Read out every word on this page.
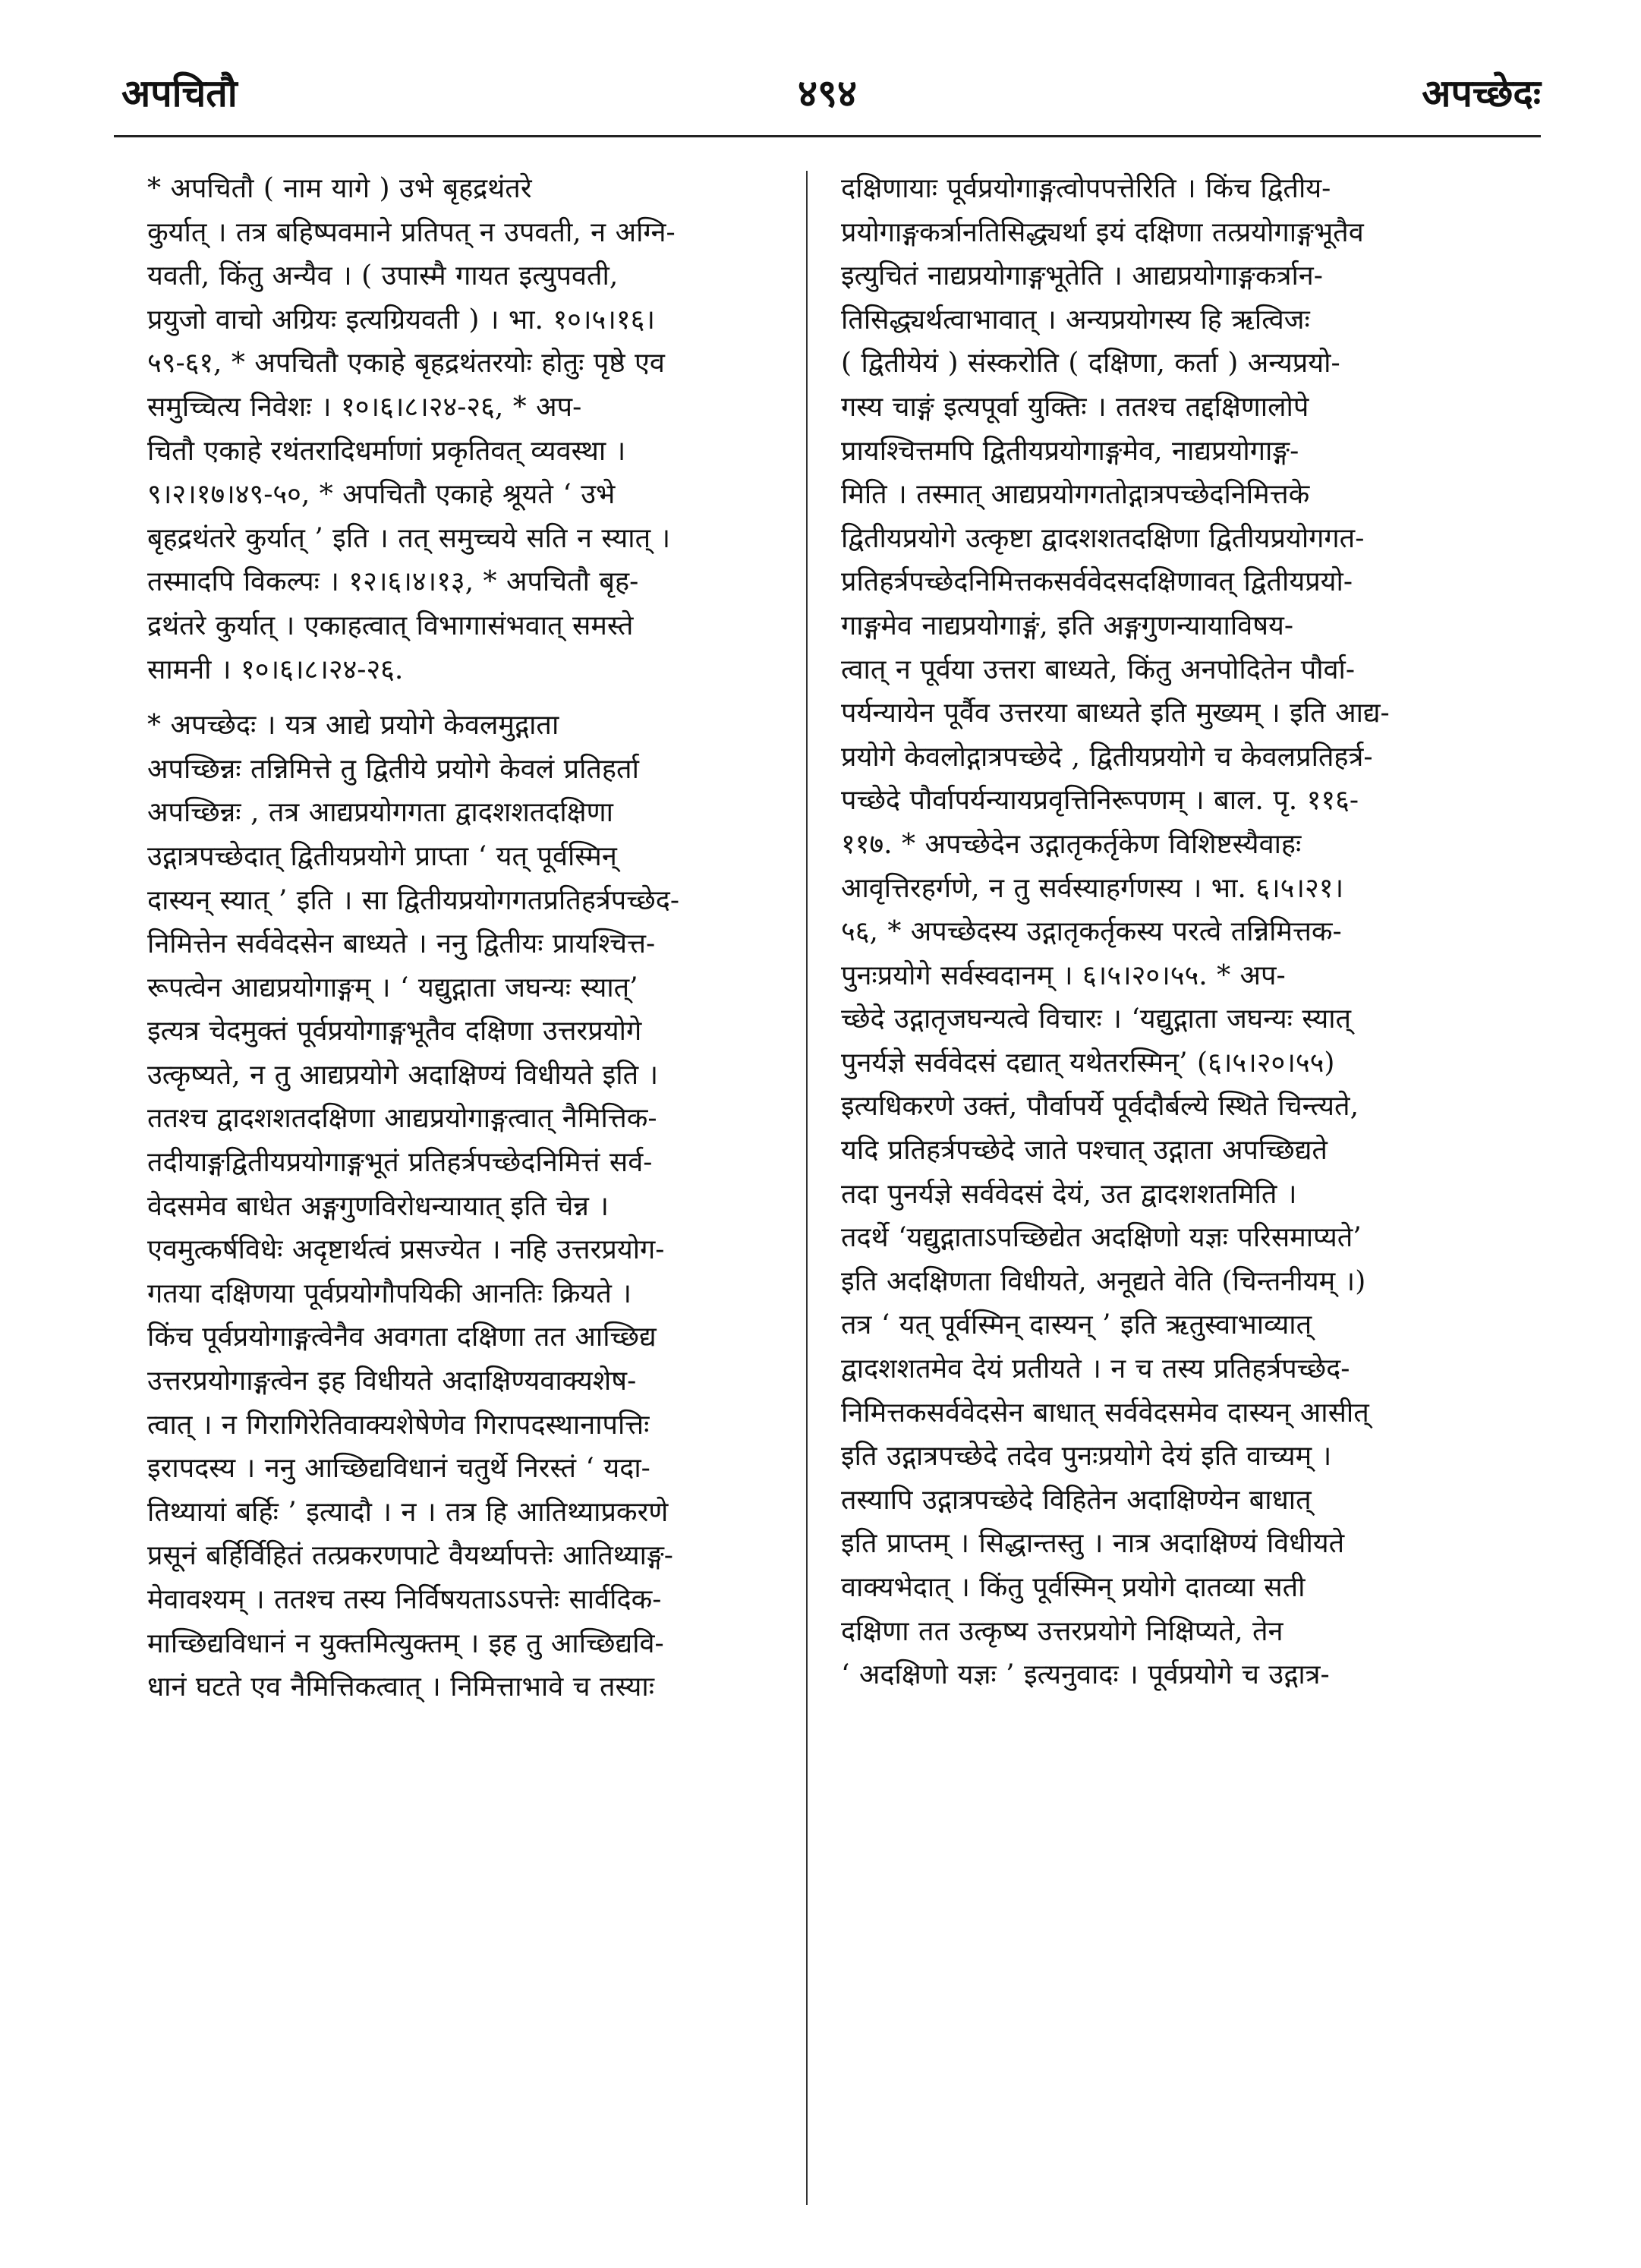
अपचितौ	४९४	अपच्छेदः
* अपचितौ ( नाम यागे ) उभे बृहद्रथंतरे
कुर्यात् । तत्र बहिष्पवमाने प्रतिपत् न उपवती, न अग्नि-
यवती, किंतु अन्यैव । ( उपास्मै गायत इत्युपवती,
प्रयुजो वाचो अग्रियः इत्यग्रियवती ) । भा. १०।५।१६।
५९-६१, * अपचितौ एकाहे बृहद्रथंतरयोः होतुः पृष्ठे एव
समुच्चित्य निवेशः । १०।६।८।२४-२६, * अप-
चितौ एकाहे रथंतरादिधर्माणां प्रकृतिवत् व्यवस्था ।
९।२।१७।४९-५०, * अपचितौ एकाहे श्रूयते ‘ उभे
बृहद्रथंतरे कुर्यात् ’ इति । तत् समुच्चये सति न स्यात् ।
तस्मादपि विकल्पः । १२।६।४।१३, * अपचितौ बृह-
द्रथंतरे कुर्यात् । एकाहत्वात् विभागासंभवात् समस्ते
सामनी । १०।६।८।२४-२६.
* अपच्छेदः । यत्र आद्ये प्रयोगे केवलमुद्गाता
अपच्छिन्नः तन्निमित्ते तु द्वितीये प्रयोगे केवलं प्रतिहर्ता
अपच्छिन्नः , तत्र आद्यप्रयोगगता द्वादशशतदक्षिणा
उद्गात्रपच्छेदात् द्वितीयप्रयोगे प्राप्ता ‘ यत् पूर्वस्मिन्
दास्यन् स्यात् ’ इति । सा द्वितीयप्रयोगगतप्रतिहर्त्रपच्छेद-
निमित्तेन सर्ववेदसेन बाध्यते । ननु द्वितीयः प्रायश्चित्त-
रूपत्वेन आद्यप्रयोगाङ्गम् । ‘ यद्युद्गाता जघन्यः स्यात्’
इत्यत्र चेदमुक्तं पूर्वप्रयोगाङ्गभूतैव दक्षिणा उत्तरप्रयोगे
उत्कृष्यते, न तु आद्यप्रयोगे अदाक्षिण्यं विधीयते इति ।
ततश्च द्वादशशतदक्षिणा आद्यप्रयोगाङ्गत्वात् नैमित्तिक-
तदीयाङ्गद्वितीयप्रयोगाङ्गभूतं प्रतिहर्त्रपच्छेदनिमित्तं सर्व-
वेदसमेव बाधेत अङ्गगुणविरोधन्यायात् इति चेन्न ।
एवमुत्कर्षविधेः अदृष्टार्थत्वं प्रसज्येत । नहि उत्तरप्रयोग-
गतया दक्षिणया पूर्वप्रयोगौपयिकी आनतिः क्रियते ।
किंच पूर्वप्रयोगाङ्गत्वेनैव अवगता दक्षिणा तत आच्छिद्य
उत्तरप्रयोगाङ्गत्वेन इह विधीयते अदाक्षिण्यवाक्यशेष-
त्वात् । न गिरागिरेतिवाक्यशेषेणेव गिरापदस्थानापत्तिः
इरापदस्य । ननु आच्छिद्यविधानं चतुर्थे निरस्तं ‘ यदा-
तिथ्यायां बर्हिः ’ इत्यादौ । न । तत्र हि आतिथ्याप्रकरणे
प्रसूनं बर्हिर्विहितं तत्प्रकरणपाटे वैयर्थ्यापत्तेः आतिथ्याङ्ग-
मेवावश्यम् । ततश्च तस्य निर्विषयताऽऽपत्तेः सार्वदिक-
माच्छिद्यविधानं न युक्तमित्युक्तम् । इह तु आच्छिद्यवि-
धानं घटते एव नैमित्तिकत्वात् । निमित्ताभावे च तस्याः
दक्षिणायाः पूर्वप्रयोगाङ्गत्वोपपत्तेरिति । किंच द्वितीय-
प्रयोगाङ्गकर्त्रानतिसिद्ध्यर्था इयं दक्षिणा तत्प्रयोगाङ्गभूतैव
इत्युचितं नाद्यप्रयोगाङ्गभूतेति । आद्यप्रयोगाङ्गकर्त्रान-
तिसिद्ध्यर्थत्वाभावात् । अन्यप्रयोगस्य हि ऋत्विजः
( द्वितीयेयं ) संस्करोति ( दक्षिणा, कर्ता ) अन्यप्रयो-
गस्य चाङ्गं इत्यपूर्वा युक्तिः । ततश्च तद्दक्षिणालोपे
प्रायश्चित्तमपि द्वितीयप्रयोगाङ्गमेव, नाद्यप्रयोगाङ्ग-
मिति । तस्मात् आद्यप्रयोगगतोद्गात्रपच्छेदनिमित्तके
द्वितीयप्रयोगे उत्कृष्टा द्वादशशतदक्षिणा द्वितीयप्रयोगगत-
प्रतिहर्त्रपच्छेदनिमित्तकसर्ववेदसदक्षिणावत् द्वितीयप्रयो-
गाङ्गमेव नाद्यप्रयोगाङ्गं, इति अङ्गगुणन्यायाविषय-
त्वात् न पूर्वया उत्तरा बाध्यते, किंतु अनपोदितेन पौर्वा-
पर्यन्यायेन पूर्वैव उत्तरया बाध्यते इति मुख्यम् । इति आद्य-
प्रयोगे केवलोद्गात्रपच्छेदे , द्वितीयप्रयोगे च केवलप्रतिहर्त्र-
पच्छेदे पौर्वापर्यन्यायप्रवृत्तिनिरूपणम् । बाल. पृ. ११६-
११७. * अपच्छेदेन उद्गातृकर्तृकेण विशिष्टस्यैवाहः
आवृत्तिरहर्गणे, न तु सर्वस्याहर्गणस्य । भा. ६।५।२१।
५६, * अपच्छेदस्य उद्गातृकर्तृकस्य परत्वे तन्निमित्तक-
पुनःप्रयोगे सर्वस्वदानम् । ६।५।२०।५५. * अप-
च्छेदे उद्गातृजघन्यत्वे विचारः । ‘यद्युद्गाता जघन्यः स्यात्
पुनर्यज्ञे सर्ववेदसं दद्यात् यथेतरस्मिन्’ (६।५।२०।५५)
इत्यधिकरणे उक्तं, पौर्वापर्ये पूर्वदौर्बल्ये स्थिते चिन्त्यते,
यदि प्रतिहर्त्रपच्छेदे जाते पश्चात् उद्गाता अपच्छिद्यते
तदा पुनर्यज्ञे सर्ववेदसं देयं, उत द्वादशशतमिति ।
तदर्थे ‘यद्युद्गाताऽपच्छिद्येत अदक्षिणो यज्ञः परिसमाप्यते’
इति अदक्षिणता विधीयते, अनूद्यते वेति (चिन्तनीयम् ।)
तत्र ‘ यत् पूर्वस्मिन् दास्यन् ’ इति ऋतुस्वाभाव्यात्
द्वादशशतमेव देयं प्रतीयते । न च तस्य प्रतिहर्त्रपच्छेद-
निमित्तकसर्ववेदसेन बाधात् सर्ववेदसमेव दास्यन् आसीत्
इति उद्गात्रपच्छेदे तदेव पुनःप्रयोगे देयं इति वाच्यम् ।
तस्यापि उद्गात्रपच्छेदे विहितेन अदाक्षिण्येन बाधात्
इति प्राप्तम् । सिद्धान्तस्तु । नात्र अदाक्षिण्यं विधीयते
वाक्यभेदात् । किंतु पूर्वस्मिन् प्रयोगे दातव्या सती
दक्षिणा तत उत्कृष्य उत्तरप्रयोगे निक्षिप्यते, तेन
‘ अदक्षिणो यज्ञः ’ इत्यनुवादः । पूर्वप्रयोगे च उद्गात्र-
